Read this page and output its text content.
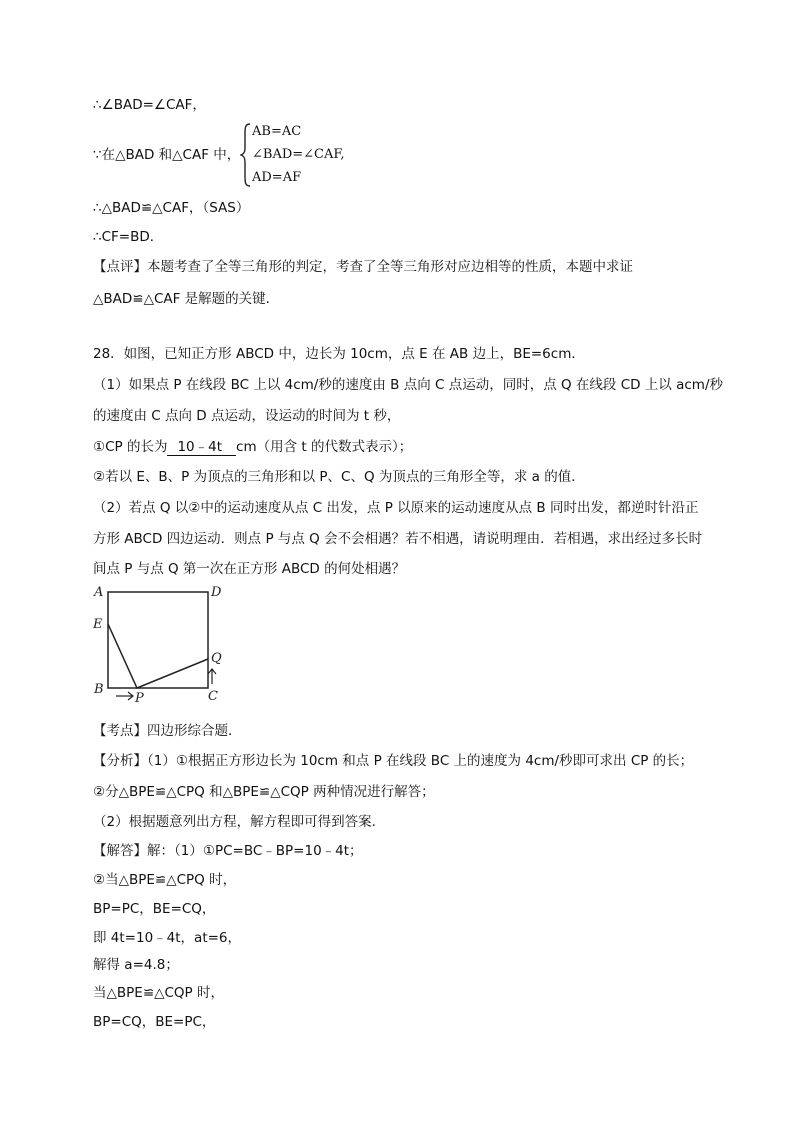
∴∠BAD=∠CAF，
∵在△BAD 和△CAF 中，
AB=AC
∠BAD=∠CAF,
AD=AF
∴△BAD≌△CAF，（SAS）
∴CF=BD．
【点评】本题考查了全等三角形的判定，考查了全等三角形对应边相等的性质，本题中求证
△BAD≌△CAF 是解题的关键．
28．如图，已知正方形 ABCD 中，边长为 10cm，点 E 在 AB 边上，BE=6cm．
（1）如果点 P 在线段 BC 上以 4cm/秒的速度由 B 点向 C 点运动，同时，点 Q 在线段 CD 上以 acm/秒
的速度由 C 点向 D 点运动，设运动的时间为 t 秒，
①CP 的长为 10﹣4t cm（用含 t 的代数式表示）；
②若以 E、B、P 为顶点的三角形和以 P、C、Q 为顶点的三角形全等，求 a 的值．
（2）若点 Q 以②中的运动速度从点 C 出发，点 P 以原来的运动速度从点 B 同时出发，都逆时针沿正
方形 ABCD 四边运动．则点 P 与点 Q 会不会相遇？若不相遇，请说明理由．若相遇，求出经过多长时
间点 P 与点 Q 第一次在正方形 ABCD 的何处相遇？
A	D
E
Q
B
P	C
【考点】四边形综合题．
【分析】（1）①根据正方形边长为 10cm 和点 P 在线段 BC 上的速度为 4cm/秒即可求出 CP 的长；
②分△BPE≌△CPQ 和△BPE≌△CQP 两种情况进行解答；
（2）根据题意列出方程，解方程即可得到答案．
【解答】解：（1）①PC=BC﹣BP=10﹣4t；
②当△BPE≌△CPQ 时，
BP=PC，BE=CQ，
即 4t=10﹣4t，at=6，
解得 a=4.8；
当△BPE≌△CQP 时，
BP=CQ，BE=PC，
